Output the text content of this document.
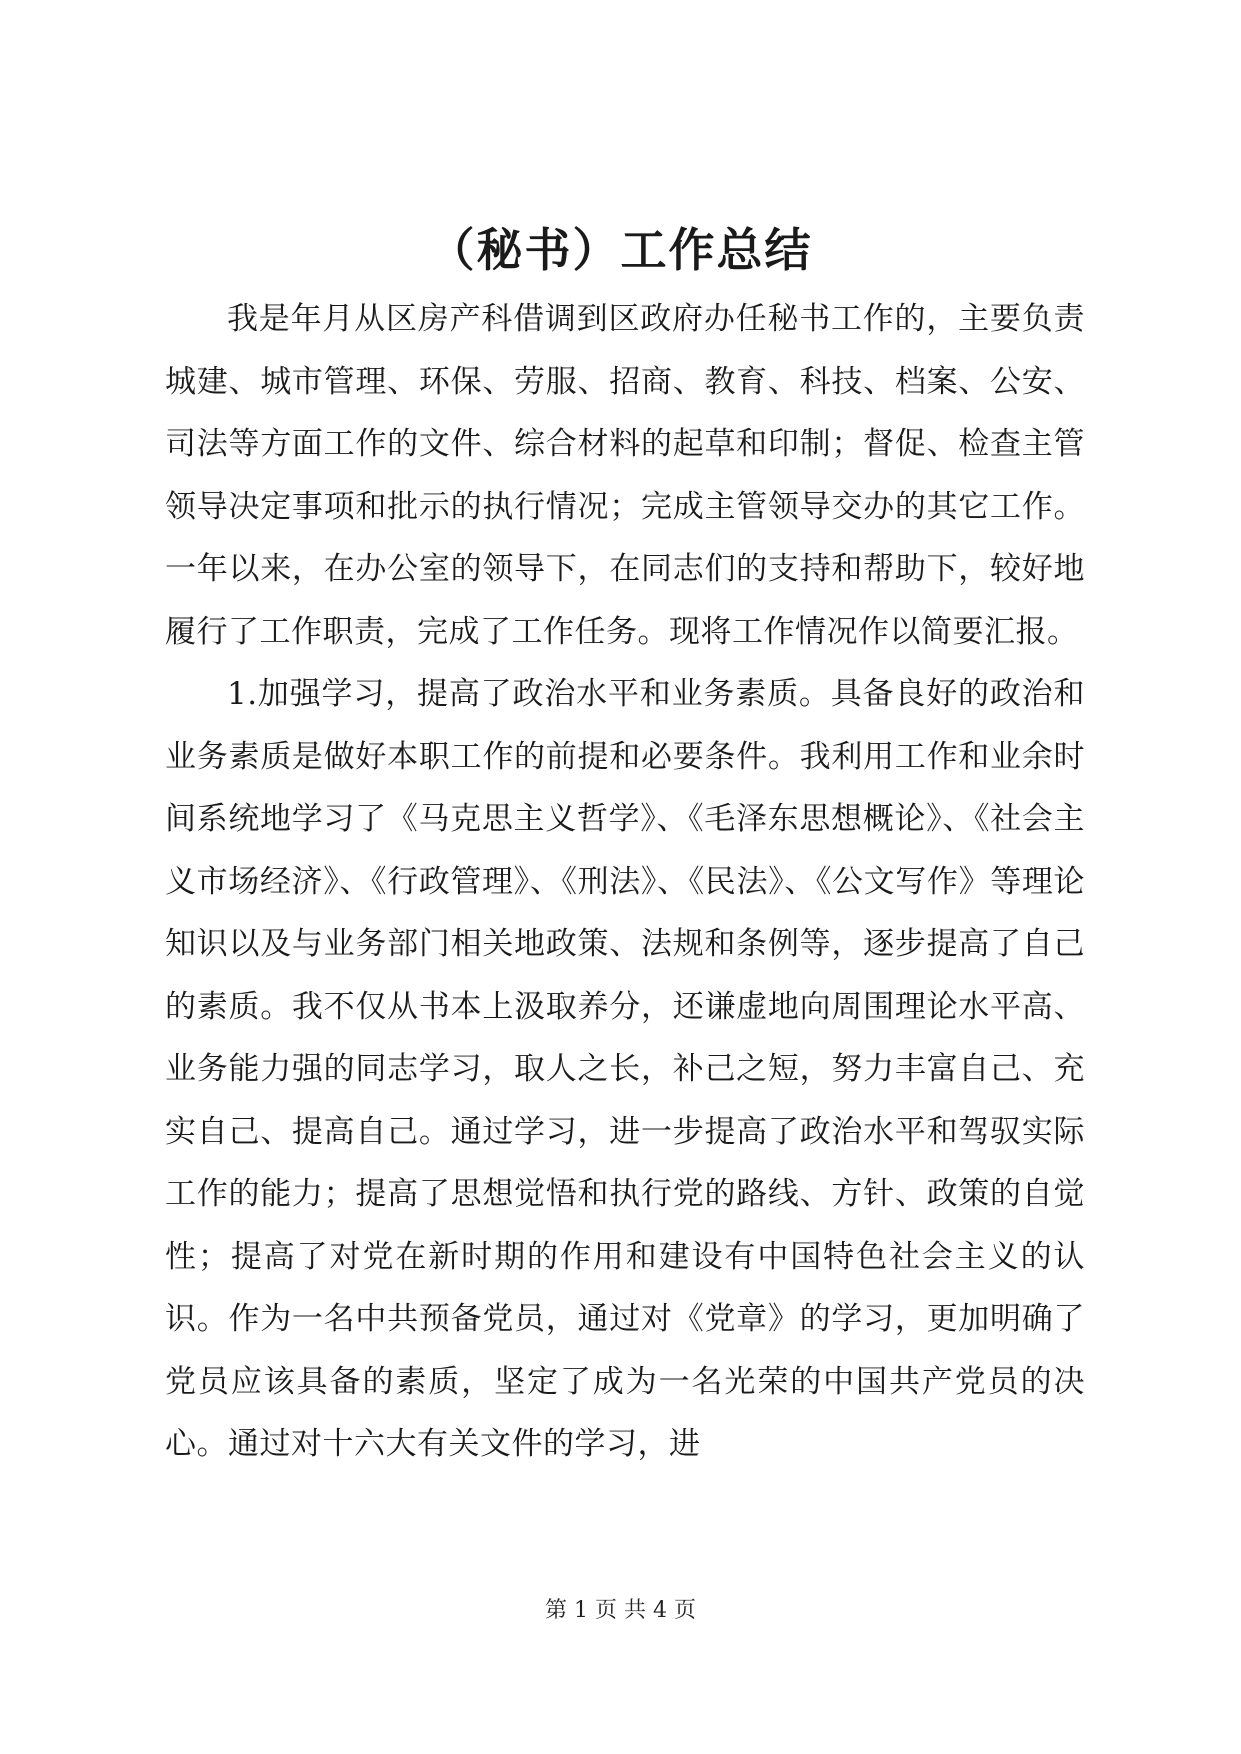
（秘书）工作总结

我是年月从区房产科借调到区政府办任秘书工作的，主要负责城建、城市管理、环保、劳服、招商、教育、科技、档案、公安、司法等方面工作的文件、综合材料的起草和印制；督促、检查主管领导决定事项和批示的执行情况；完成主管领导交办的其它工作。一年以来，在办公室的领导下，在同志们的支持和帮助下，较好地履行了工作职责，完成了工作任务。现将工作情况作以简要汇报。

1.加强学习，提高了政治水平和业务素质。具备良好的政治和业务素质是做好本职工作的前提和必要条件。我利用工作和业余时间系统地学习了《马克思主义哲学》、《毛泽东思想概论》、《社会主义市场经济》、《行政管理》、《刑法》、《民法》、《公文写作》等理论知识以及与业务部门相关地政策、法规和条例等，逐步提高了自己的素质。我不仅从书本上汲取养分，还谦虚地向周围理论水平高、业务能力强的同志学习，取人之长，补己之短，努力丰富自己、充实自己、提高自己。通过学习，进一步提高了政治水平和驾驭实际工作的能力；提高了思想觉悟和执行党的路线、方针、政策的自觉性；提高了对党在新时期的作用和建设有中国特色社会主义的认识。作为一名中共预备党员，通过对《党章》的学习，更加明确了党员应该具备的素质，坚定了成为一名光荣的中国共产党员的决心。通过对十六大有关文件的学习，进

第 1 页 共 4 页
